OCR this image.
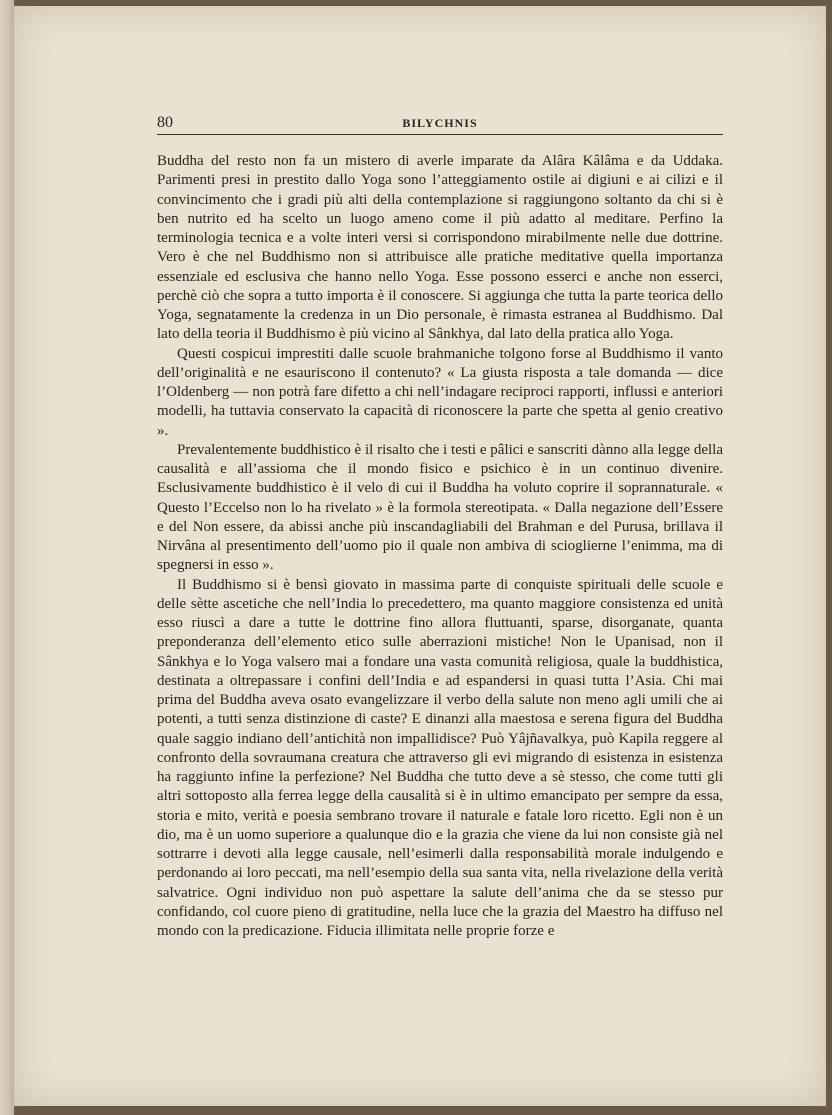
80	BILYCHNIS

Buddha del resto non fa un mistero di averle imparate da Alâra Kâlâma e da Uddaka. Parimenti presi in prestito dallo Yoga sono l’atteggiamento ostile ai digiuni e ai cilizi e il convincimento che i gradi più alti della contemplazione si raggiungono soltanto da chi si è ben nutrito ed ha scelto un luogo ameno come il più adatto al meditare. Perfino la terminologia tecnica e a volte interi versi si corrispondono mirabilmente nelle due dottrine. Vero è che nel Buddhismo non si attribuisce alle pratiche meditative quella importanza essenziale ed esclusiva che hanno nello Yoga. Esse possono esserci e anche non esserci, perchè ciò che sopra a tutto importa è il conoscere. Si aggiunga che tutta la parte teorica dello Yoga, segnatamente la credenza in un Dio personale, è rimasta estranea al Buddhismo. Dal lato della teoria il Buddhismo è più vicino al Sânkhya, dal lato della pratica allo Yoga.

Questi cospicui imprestiti dalle scuole brahmaniche tolgono forse al Buddhismo il vanto dell’originalità e ne esauriscono il contenuto? « La giusta risposta a tale domanda — dice l’Oldenberg — non potrà fare difetto a chi nell’indagare reciproci rapporti, influssi e anteriori modelli, ha tuttavia conservato la capacità di riconoscere la parte che spetta al genio creativo ».

Prevalentemente buddhistico è il risalto che i testi e pâlici e sanscriti dànno alla legge della causalità e all’assioma che il mondo fisico e psichico è in un continuo divenire. Esclusivamente buddhistico è il velo di cui il Buddha ha voluto coprire il soprannaturale. « Questo l’Eccelso non lo ha rivelato » è la formola stereotipata. « Dalla negazione dell’Essere e del Non essere, da abissi anche più inscandagliabili del Brahman e del Purusa, brillava il Nirvâna al presentimento dell’uomo pio il quale non ambiva di scioglierne l’enimma, ma di spegnersi in esso ».

Il Buddhismo si è bensì giovato in massima parte di conquiste spirituali delle scuole e delle sètte ascetiche che nell’India lo precedettero, ma quanto maggiore consistenza ed unità esso riuscì a dare a tutte le dottrine fino allora fluttuanti, sparse, disorganate, quanta preponderanza dell’elemento etico sulle aberrazioni mistiche! Non le Upanisad, non il Sânkhya e lo Yoga valsero mai a fondare una vasta comunità religiosa, quale la buddhistica, destinata a oltrepassare i confini dell’India e ad espandersi in quasi tutta l’Asia. Chi mai prima del Buddha aveva osato evangelizzare il verbo della salute non meno agli umili che ai potenti, a tutti senza distinzione di caste? E dinanzi alla maestosa e serena figura del Buddha quale saggio indiano dell’antichità non impallidisce? Può Yâjñavalkya, può Kapila reggere al confronto della sovraumana creatura che attraverso gli evi migrando di esistenza in esistenza ha raggiunto infine la perfezione? Nel Buddha che tutto deve a sè stesso, che come tutti gli altri sottoposto alla ferrea legge della causalità si è in ultimo emancipato per sempre da essa, storia e mito, verità e poesia sembrano trovare il naturale e fatale loro ricetto. Egli non è un dio, ma è un uomo superiore a qualunque dio e la grazia che viene da lui non consiste già nel sottrarre i devoti alla legge causale, nell’esimerli dalla responsabilità morale indulgendo e perdonando ai loro peccati, ma nell’esempio della sua santa vita, nella rivelazione della verità salvatrice. Ogni individuo non può aspettare la salute dell’anima che da se stesso pur confidando, col cuore pieno di gratitudine, nella luce che la grazia del Maestro ha diffuso nel mondo con la predicazione. Fiducia illimitata nelle proprie forze e
